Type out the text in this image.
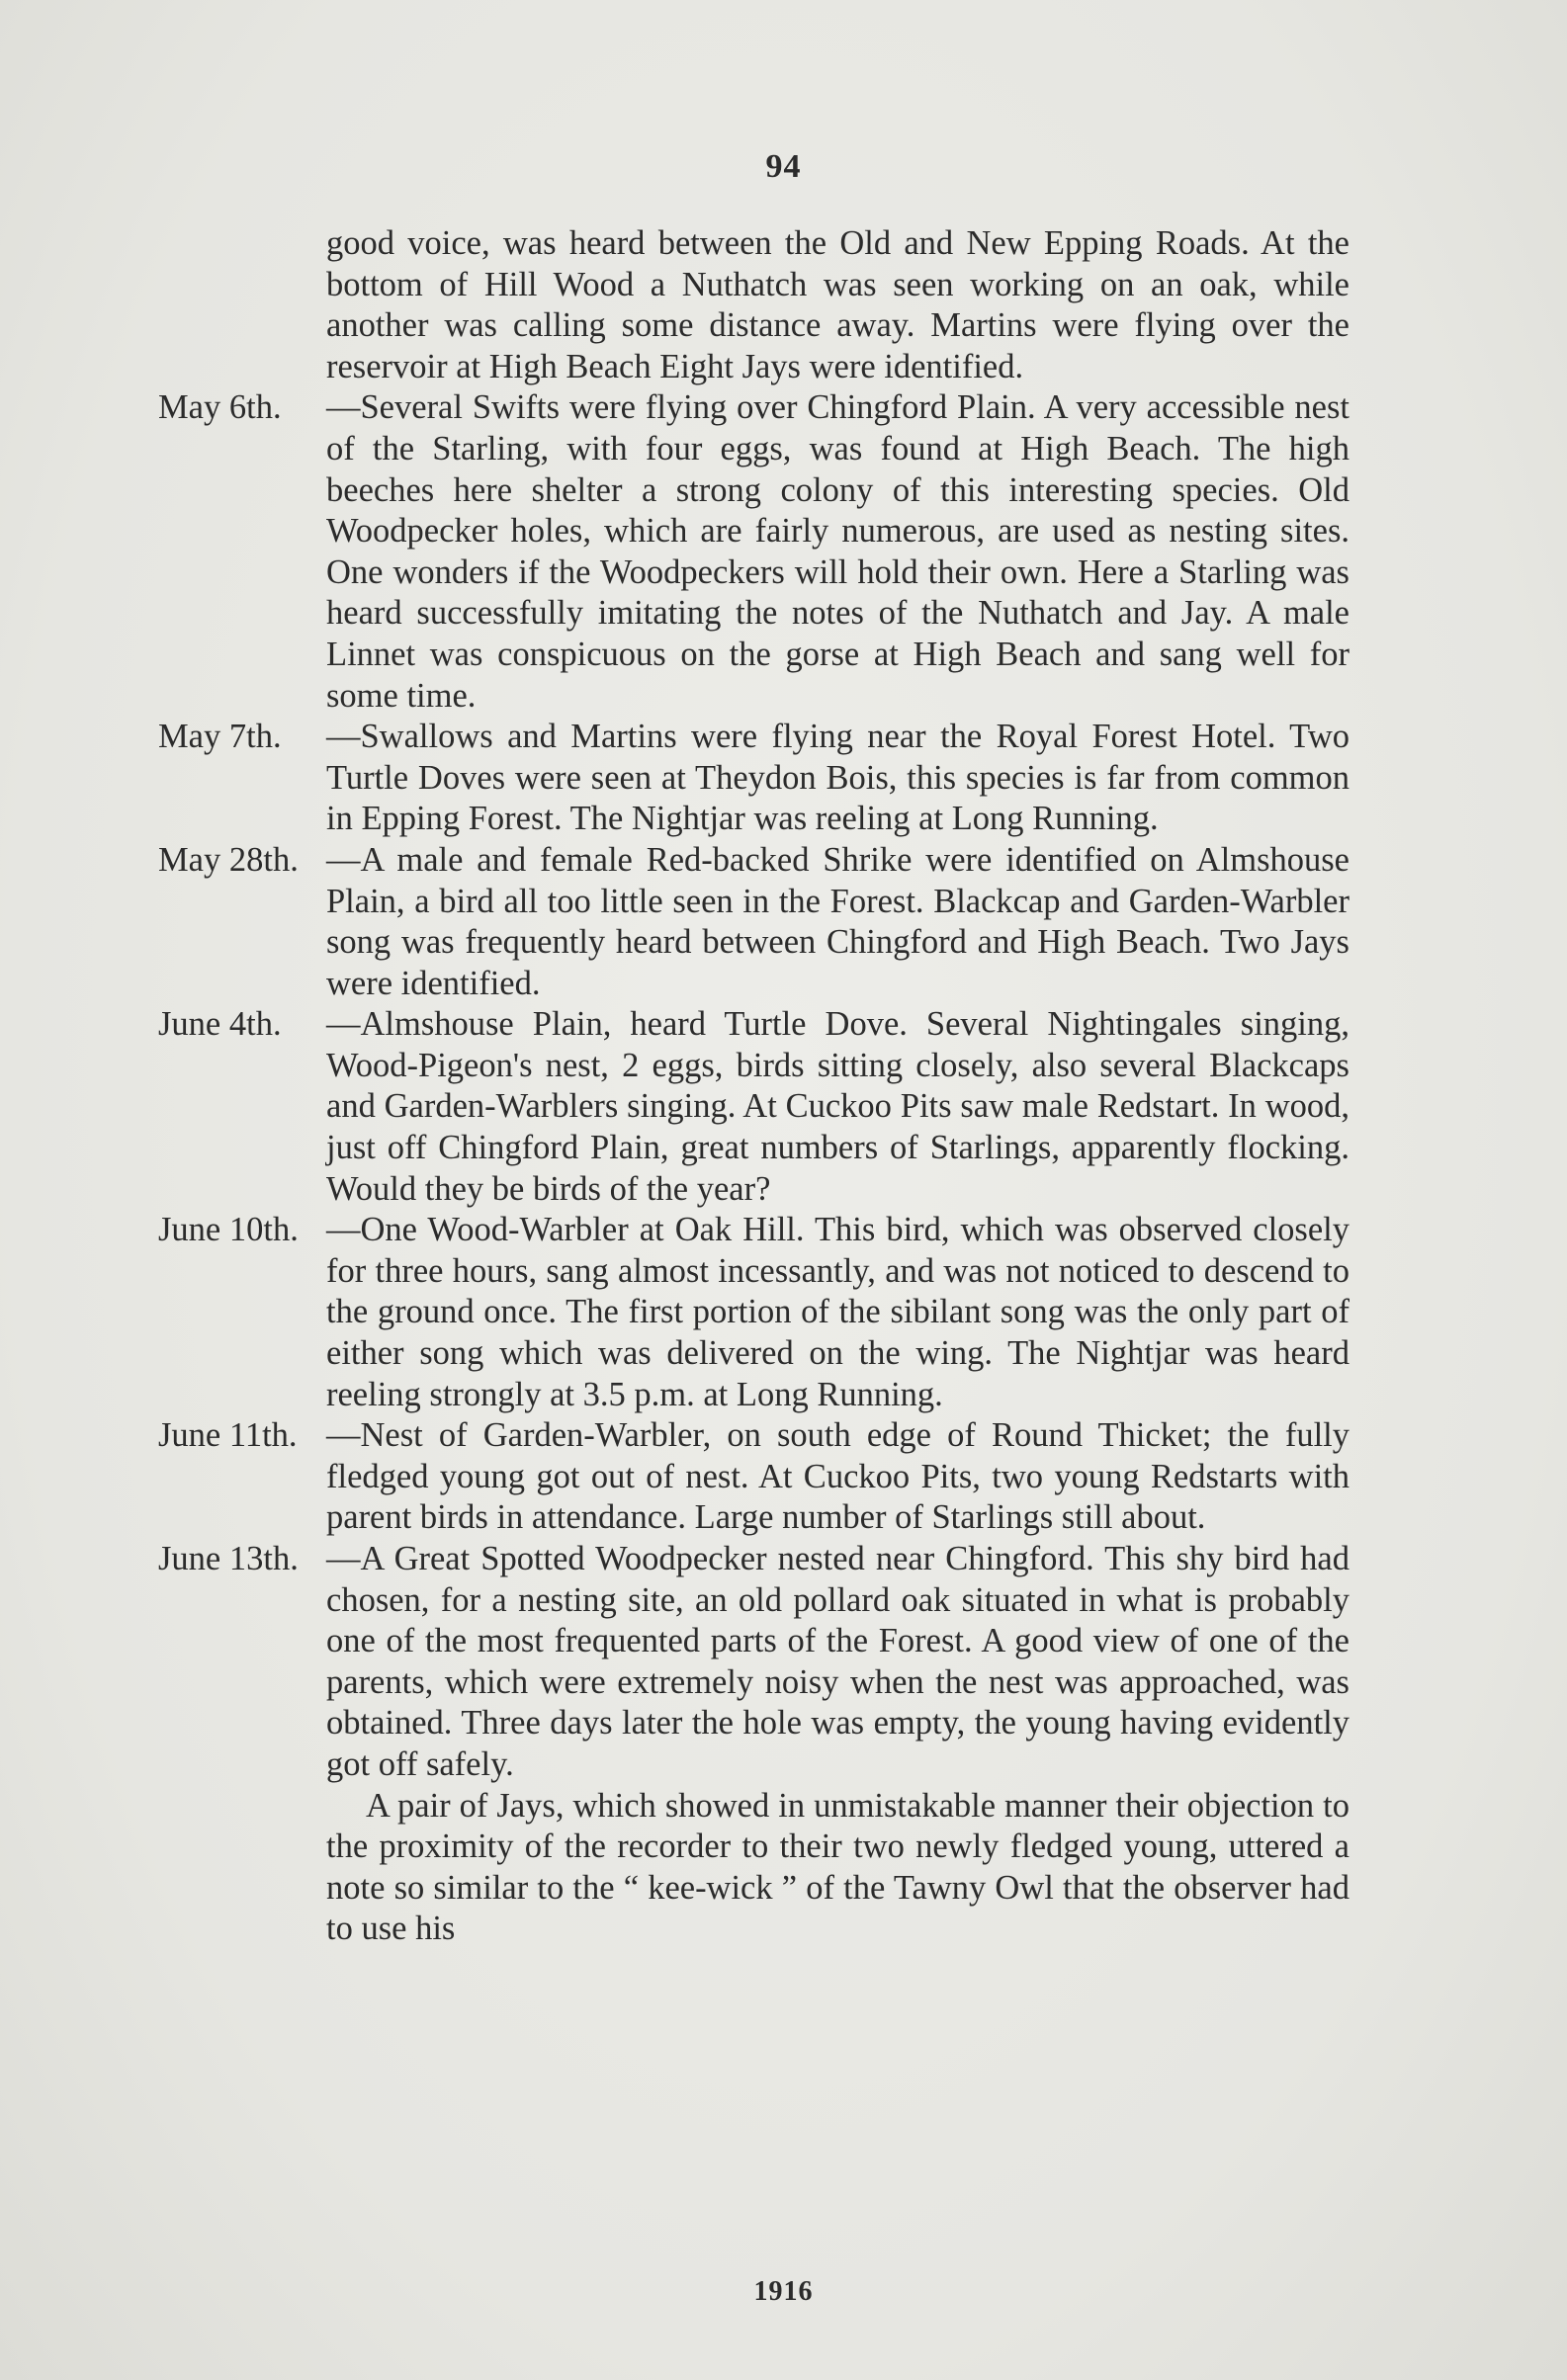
94

good voice, was heard between the Old and New Epping Roads. At the bottom of Hill Wood a Nuthatch was seen working on an oak, while another was calling some distance away. Martins were flying over the reservoir at High Beach Eight Jays were identified.

May 6th. —Several Swifts were flying over Chingford Plain. A very accessible nest of the Starling, with four eggs, was found at High Beach. The high beeches here shelter a strong colony of this interesting species. Old Woodpecker holes, which are fairly numerous, are used as nesting sites. One wonders if the Woodpeckers will hold their own. Here a Starling was heard successfully imitating the notes of the Nuthatch and Jay. A male Linnet was conspicuous on the gorse at High Beach and sang well for some time.

May 7th. —Swallows and Martins were flying near the Royal Forest Hotel. Two Turtle Doves were seen at Theydon Bois, this species is far from common in Epping Forest. The Nightjar was reeling at Long Running.

May 28th. —A male and female Red-backed Shrike were identified on Almshouse Plain, a bird all too little seen in the Forest. Blackcap and Garden-Warbler song was frequently heard between Chingford and High Beach. Two Jays were identified.

June 4th. —Almshouse Plain, heard Turtle Dove. Several Nightingales singing, Wood-Pigeon's nest, 2 eggs, birds sitting closely, also several Blackcaps and Garden-Warblers singing. At Cuckoo Pits saw male Redstart. In wood, just off Chingford Plain, great numbers of Starlings, apparently flocking. Would they be birds of the year?

June 10th. —One Wood-Warbler at Oak Hill. This bird, which was observed closely for three hours, sang almost incessantly, and was not noticed to descend to the ground once. The first portion of the sibilant song was the only part of either song which was delivered on the wing. The Nightjar was heard reeling strongly at 3.5 p.m. at Long Running.

June 11th. —Nest of Garden-Warbler, on south edge of Round Thicket; the fully fledged young got out of nest. At Cuckoo Pits, two young Redstarts with parent birds in attendance. Large number of Starlings still about.

June 13th. —A Great Spotted Woodpecker nested near Chingford. This shy bird had chosen, for a nesting site, an old pollard oak situated in what is probably one of the most frequented parts of the Forest. A good view of one of the parents, which were extremely noisy when the nest was approached, was obtained. Three days later the hole was empty, the young having evidently got off safely.

A pair of Jays, which showed in unmistakable manner their objection to the proximity of the recorder to their two newly fledged young, uttered a note so similar to the “ kee-wick ” of the Tawny Owl that the observer had to use his

1916
